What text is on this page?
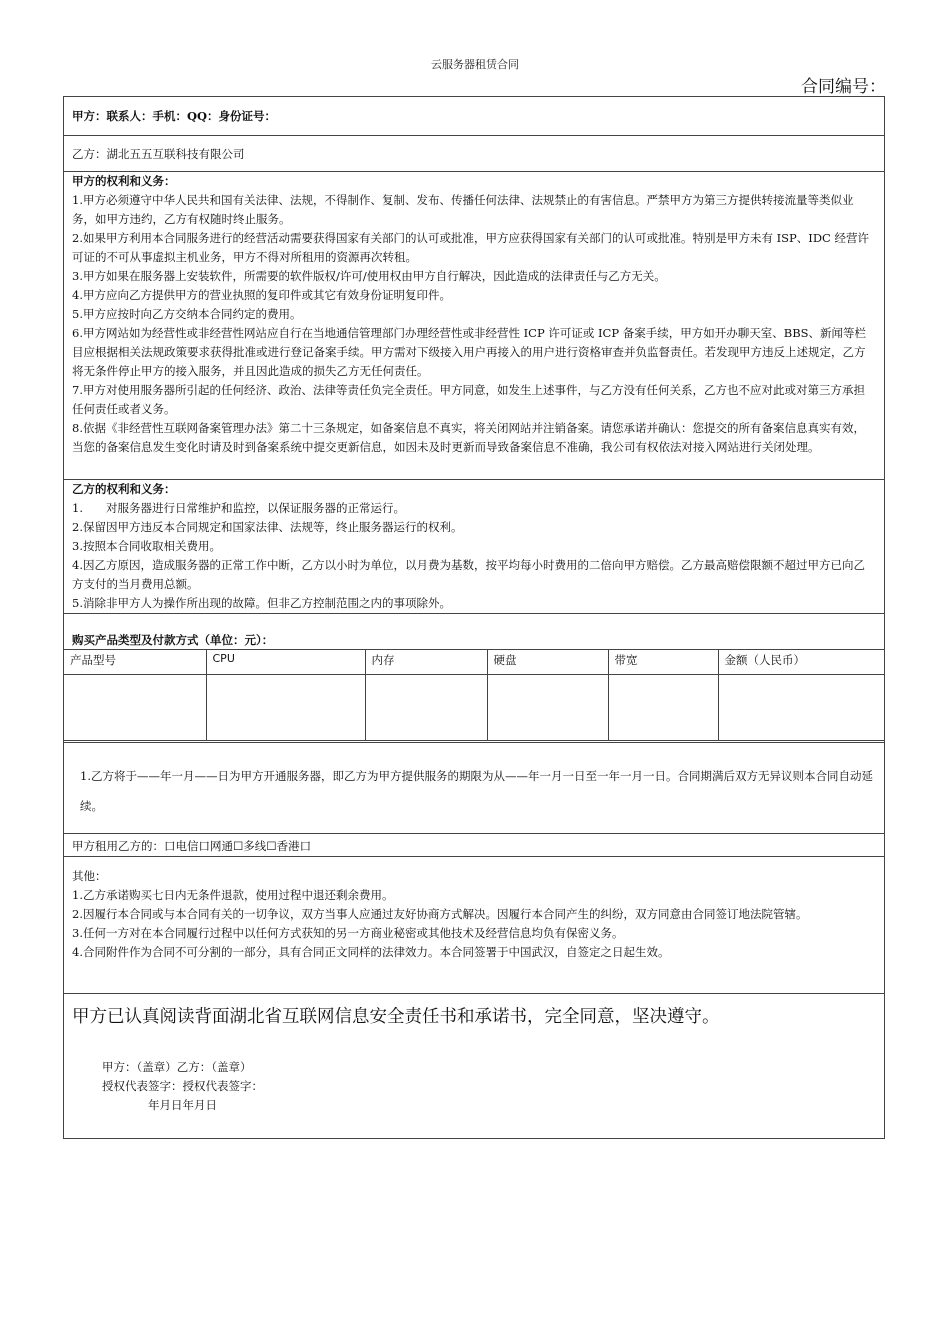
云服务器租赁合同
合同编号：
甲方：联系人：手机：QQ：身份证号：
乙方：湖北五五互联科技有限公司
甲方的权利和义务：
1.甲方必须遵守中华人民共和国有关法律、法规，不得制作、复制、发布、传播任何法律、法规禁止的有害信息。严禁甲方为第三方提供转接流量等类似业务，如甲方违约，乙方有权随时终止服务。
2.如果甲方利用本合同服务进行的经营活动需要获得国家有关部门的认可或批准，甲方应获得国家有关部门的认可或批准。特别是甲方未有 ISP、IDC 经营许可证的不可从事虚拟主机业务，甲方不得对所租用的资源再次转租。
3.甲方如果在服务器上安装软件，所需要的软件版权/许可/使用权由甲方自行解决，因此造成的法律责任与乙方无关。
4.甲方应向乙方提供甲方的营业执照的复印件或其它有效身份证明复印件。
5.甲方应按时向乙方交纳本合同约定的费用。
6.甲方网站如为经营性或非经营性网站应自行在当地通信管理部门办理经营性或非经营性 ICP 许可证或 ICP 备案手续，甲方如开办聊天室、BBS、新闻等栏目应根据相关法规政策要求获得批准或进行登记备案手续。甲方需对下级接入用户再接入的用户进行资格审查并负监督责任。若发现甲方违反上述规定，乙方将无条件停止甲方的接入服务，并且因此造成的损失乙方无任何责任。
7.甲方对使用服务器所引起的任何经济、政治、法律等责任负完全责任。甲方同意，如发生上述事件，与乙方没有任何关系，乙方也不应对此或对第三方承担任何责任或者义务。
8.依据《非经营性互联网备案管理办法》第二十三条规定，如备案信息不真实，将关闭网站并注销备案。请您承诺并确认：您提交的所有备案信息真实有效，当您的备案信息发生变化时请及时到备案系统中提交更新信息，如因未及时更新而导致备案信息不准确，我公司有权依法对接入网站进行关闭处理。
乙方的权利和义务：
1.　　对服务器进行日常维护和监控，以保证服务器的正常运行。
2.保留因甲方违反本合同规定和国家法律、法规等，终止服务器运行的权利。
3.按照本合同收取相关费用。
4.因乙方原因，造成服务器的正常工作中断，乙方以小时为单位，以月费为基数，按平均每小时费用的二倍向甲方赔偿。乙方最高赔偿限额不超过甲方已向乙方支付的当月费用总额。
5.消除非甲方人为操作所出现的故障。但非乙方控制范围之内的事项除外。
购买产品类型及付款方式（单位：元）：
产品型号	CPU	内存	硬盘	带宽	金额（人民币）

1.乙方将于——年一月——日为甲方开通服务器，即乙方为甲方提供服务的期限为从——年一月一日至一年一月一日。合同期满后双方无异议则本合同自动延续。
甲方租用乙方的：口电信口网通☐多线☐香港口
其他：
1.乙方承诺购买七日内无条件退款，使用过程中退还剩余费用。
2.因履行本合同或与本合同有关的一切争议，双方当事人应通过友好协商方式解决。因履行本合同产生的纠纷，双方同意由合同签订地法院管辖。
3.任何一方对在本合同履行过程中以任何方式获知的另一方商业秘密或其他技术及经营信息均负有保密义务。
4.合同附件作为合同不可分割的一部分，具有合同正文同样的法律效力。本合同签署于中国武汉，自签定之日起生效。
甲方已认真阅读背面湖北省互联网信息安全责任书和承诺书，完全同意，坚决遵守。
甲方：（盖章）乙方：（盖章）
授权代表签字：授权代表签字：
年月日年月日
